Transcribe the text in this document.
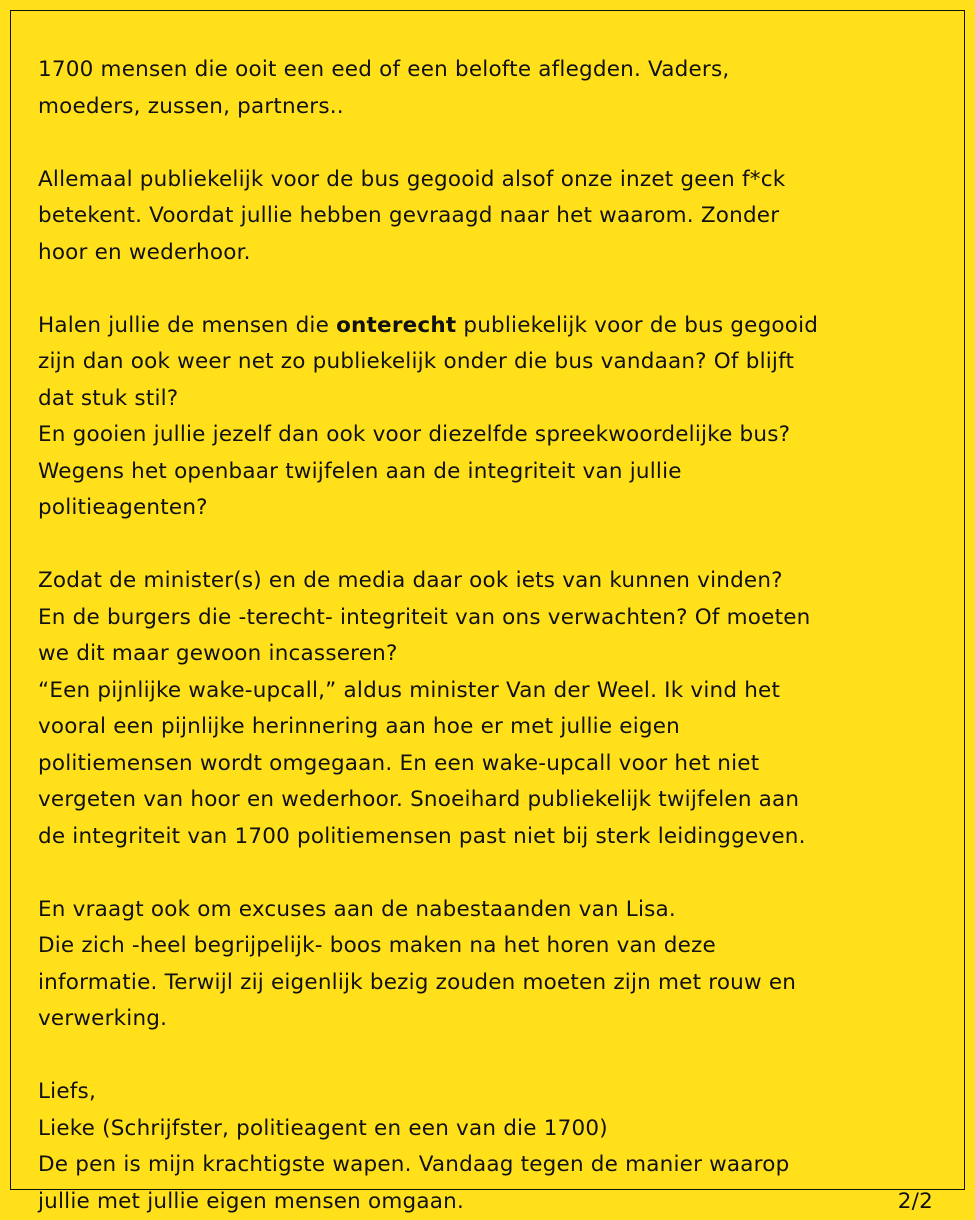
1700 mensen die ooit een eed of een belofte aflegden. Vaders,
moeders, zussen, partners..
Allemaal publiekelijk voor de bus gegooid alsof onze inzet geen f*ck
betekent. Voordat jullie hebben gevraagd naar het waarom. Zonder
hoor en wederhoor.
Halen jullie de mensen die onterecht publiekelijk voor de bus gegooid
zijn dan ook weer net zo publiekelijk onder die bus vandaan? Of blijft
dat stuk stil?
En gooien jullie jezelf dan ook voor diezelfde spreekwoordelijke bus?
Wegens het openbaar twijfelen aan de integriteit van jullie
politieagenten?
Zodat de minister(s) en de media daar ook iets van kunnen vinden?
En de burgers die -terecht- integriteit van ons verwachten? Of moeten
we dit maar gewoon incasseren?
“Een pijnlijke wake-upcall,” aldus minister Van der Weel. Ik vind het
vooral een pijnlijke herinnering aan hoe er met jullie eigen
politiemensen wordt omgegaan. En een wake-upcall voor het niet
vergeten van hoor en wederhoor. Snoeihard publiekelijk twijfelen aan
de integriteit van 1700 politiemensen past niet bij sterk leidinggeven.
En vraagt ook om excuses aan de nabestaanden van Lisa.
Die zich -heel begrijpelijk- boos maken na het horen van deze
informatie. Terwijl zij eigenlijk bezig zouden moeten zijn met rouw en
verwerking.
Liefs,
Lieke (Schrijfster, politieagent en een van die 1700)
De pen is mijn krachtigste wapen. Vandaag tegen de manier waarop
jullie met jullie eigen mensen omgaan.	2/2
